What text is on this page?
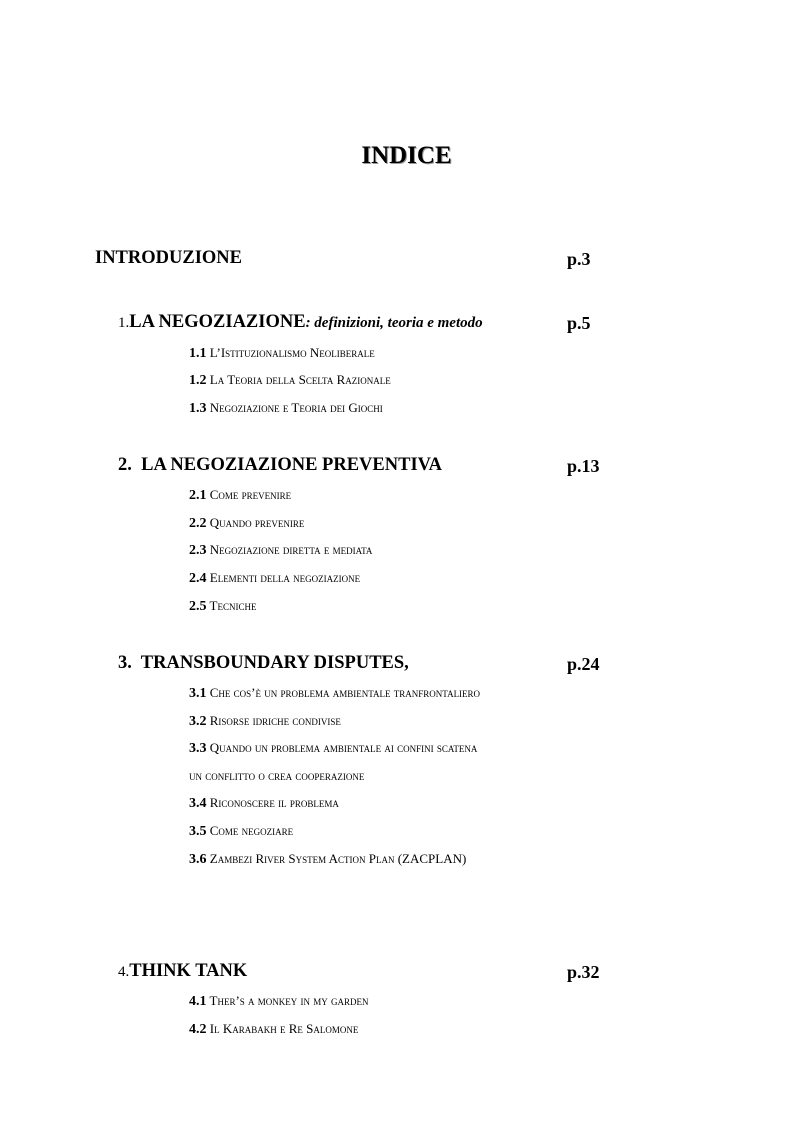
INDICE
INTRODUZIONE	p.3
1.LA NEGOZIAZIONE: definizioni, teoria e metodo	p.5
1.1 L’Istituzionalismo Neoliberale
1.2 La Teoria della Scelta Razionale
1.3 Negoziazione e Teoria dei Giochi
2. LA NEGOZIAZIONE PREVENTIVA	p.13
2.1 Come prevenire
2.2 Quando prevenire
2.3 Negoziazione diretta e mediata
2.4 Elementi della negoziazione
2.5 Tecniche
3. TRANSBOUNDARY DISPUTES,	p.24
3.1 Che cos’è un problema ambientale tranfrontaliero
3.2 Risorse idriche condivise
3.3 Quando un problema ambientale ai confini scatena
un conflitto o crea cooperazione
3.4 Riconoscere il problema
3.5 Come negoziare
3.6 Zambezi River System Action Plan (ZACPLAN)
4.THINK TANK	p.32
4.1 Ther’s a monkey in my garden
4.2 Il Karabakh e Re Salomone
